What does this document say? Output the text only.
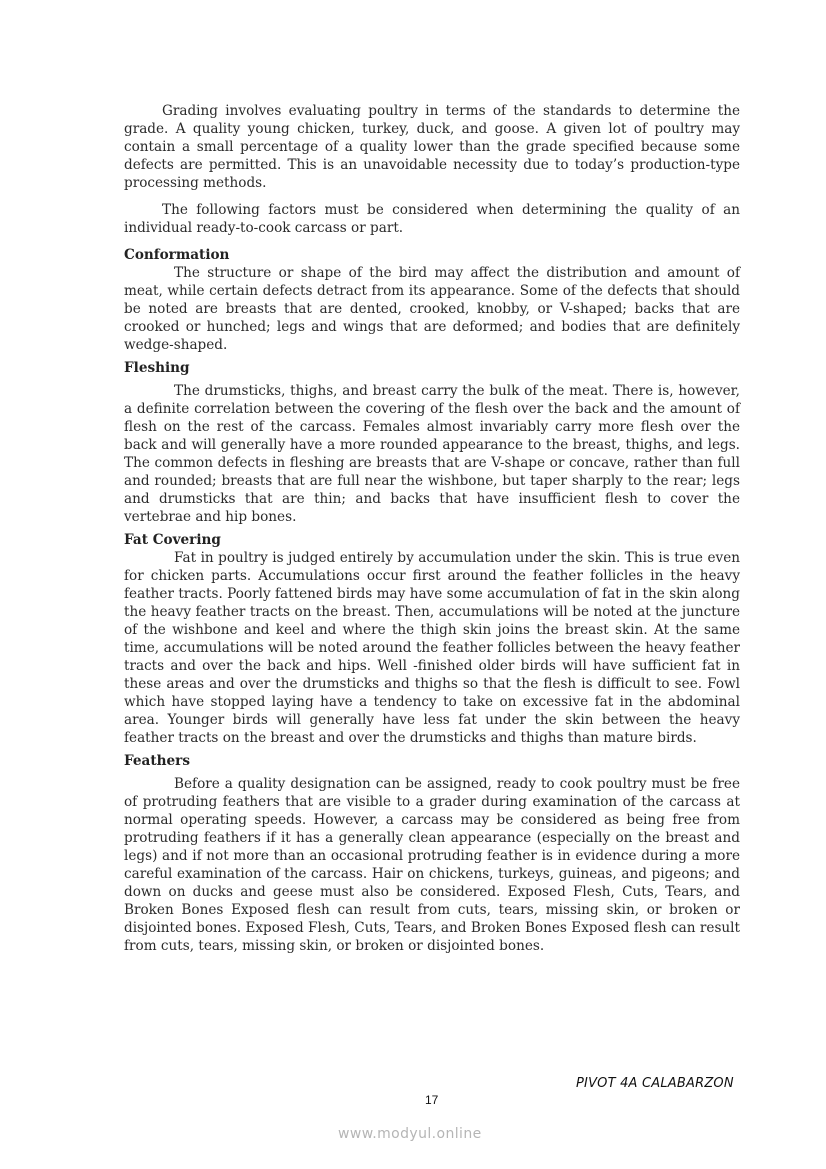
Grading involves evaluating poultry in terms of the standards to determine the grade. A quality young chicken, turkey, duck, and goose. A given lot of poultry may contain a small percentage of a quality lower than the grade specified because some defects are permitted. This is an unavoidable necessity due to today’s production-type processing methods.

The following factors must be considered when determining the quality of an individual ready-to-cook carcass or part.

Conformation

The structure or shape of the bird may affect the distribution and amount of meat, while certain defects detract from its appearance. Some of the defects that should be noted are breasts that are dented, crooked, knobby, or V-shaped; backs that are crooked or hunched; legs and wings that are deformed; and bodies that are definitely wedge-shaped.

Fleshing

The drumsticks, thighs, and breast carry the bulk of the meat. There is, however, a definite correlation between the covering of the flesh over the back and the amount of flesh on the rest of the carcass. Females almost invariably carry more flesh over the back and will generally have a more rounded appearance to the breast, thighs, and legs. The common defects in fleshing are breasts that are V-shape or concave, rather than full and rounded; breasts that are full near the wishbone, but taper sharply to the rear; legs and drumsticks that are thin; and backs that have insufficient flesh to cover the vertebrae and hip bones.

Fat Covering

Fat in poultry is judged entirely by accumulation under the skin. This is true even for chicken parts. Accumulations occur first around the feather follicles in the heavy feather tracts. Poorly fattened birds may have some accumulation of fat in the skin along the heavy feather tracts on the breast. Then, accumulations will be noted at the juncture of the wishbone and keel and where the thigh skin joins the breast skin. At the same time, accumulations will be noted around the feather follicles between the heavy feather tracts and over the back and hips. Well -finished older birds will have sufficient fat in these areas and over the drumsticks and thighs so that the flesh is difficult to see. Fowl which have stopped laying have a tendency to take on excessive fat in the abdominal area. Younger birds will generally have less fat under the skin between the heavy feather tracts on the breast and over the drumsticks and thighs than mature birds.

Feathers

Before a quality designation can be assigned, ready to cook poultry must be free of protruding feathers that are visible to a grader during examination of the carcass at normal operating speeds. However, a carcass may be considered as being free from protruding feathers if it has a generally clean appearance (especially on the breast and legs) and if not more than an occasional protruding feather is in evidence during a more careful examination of the carcass. Hair on chickens, turkeys, guineas, and pigeons; and down on ducks and geese must also be considered. Exposed Flesh, Cuts, Tears, and Broken Bones Exposed flesh can result from cuts, tears, missing skin, or broken or disjointed bones. Exposed Flesh, Cuts, Tears, and Broken Bones Exposed flesh can result from cuts, tears, missing skin, or broken or disjointed bones.

PIVOT 4A CALABARZON
17
www.modyul.online
